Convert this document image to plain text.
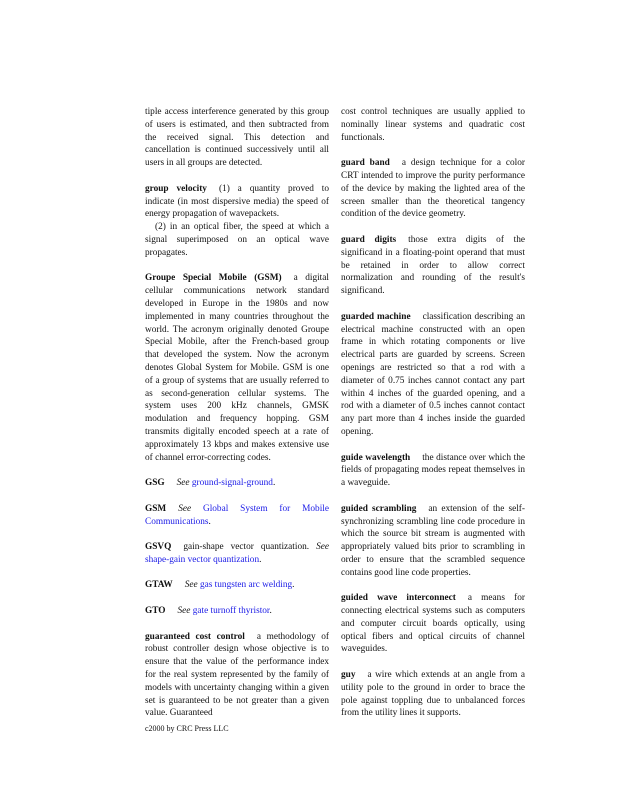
tiple access interference generated by this group of users is estimated, and then subtracted from the received signal. This detection and cancellation is continued successively until all users in all groups are detected.

group velocity (1) a quantity proved to indicate (in most dispersive media) the speed of energy propagation of wavepackets.
(2) in an optical fiber, the speed at which a signal superimposed on an optical wave propagates.

Groupe Special Mobile (GSM) a digital cellular communications network standard developed in Europe in the 1980s and now implemented in many countries throughout the world. The acronym originally denoted Groupe Special Mobile, after the French-based group that developed the system. Now the acronym denotes Global System for Mobile. GSM is one of a group of systems that are usually referred to as second-generation cellular systems. The system uses 200 kHz channels, GMSK modulation and frequency hopping. GSM transmits digitally encoded speech at a rate of approximately 13 kbps and makes extensive use of channel error-correcting codes.

GSG See ground-signal-ground.

GSM See Global System for Mobile Communications.

GSVQ gain-shape vector quantization. See shape-gain vector quantization.

GTAW See gas tungsten arc welding.

GTO See gate turnoff thyristor.

guaranteed cost control a methodology of robust controller design whose objective is to ensure that the value of the performance index for the real system represented by the family of models with uncertainty changing within a given set is guaranteed to be not greater than a given value. Guaranteed

cost control techniques are usually applied to nominally linear systems and quadratic cost functionals.

guard band a design technique for a color CRT intended to improve the purity performance of the device by making the lighted area of the screen smaller than the theoretical tangency condition of the device geometry.

guard digits those extra digits of the significand in a floating-point operand that must be retained in order to allow correct normalization and rounding of the result's significand.

guarded machine classification describing an electrical machine constructed with an open frame in which rotating components or live electrical parts are guarded by screens. Screen openings are restricted so that a rod with a diameter of 0.75 inches cannot contact any part within 4 inches of the guarded opening, and a rod with a diameter of 0.5 inches cannot contact any part more than 4 inches inside the guarded opening.

guide wavelength the distance over which the fields of propagating modes repeat themselves in a waveguide.

guided scrambling an extension of the self-synchronizing scrambling line code procedure in which the source bit stream is augmented with appropriately valued bits prior to scrambling in order to ensure that the scrambled sequence contains good line code properties.

guided wave interconnect a means for connecting electrical systems such as computers and computer circuit boards optically, using optical fibers and optical circuits of channel waveguides.

guy a wire which extends at an angle from a utility pole to the ground in order to brace the pole against toppling due to unbalanced forces from the utility lines it supports.

c2000 by CRC Press LLC
